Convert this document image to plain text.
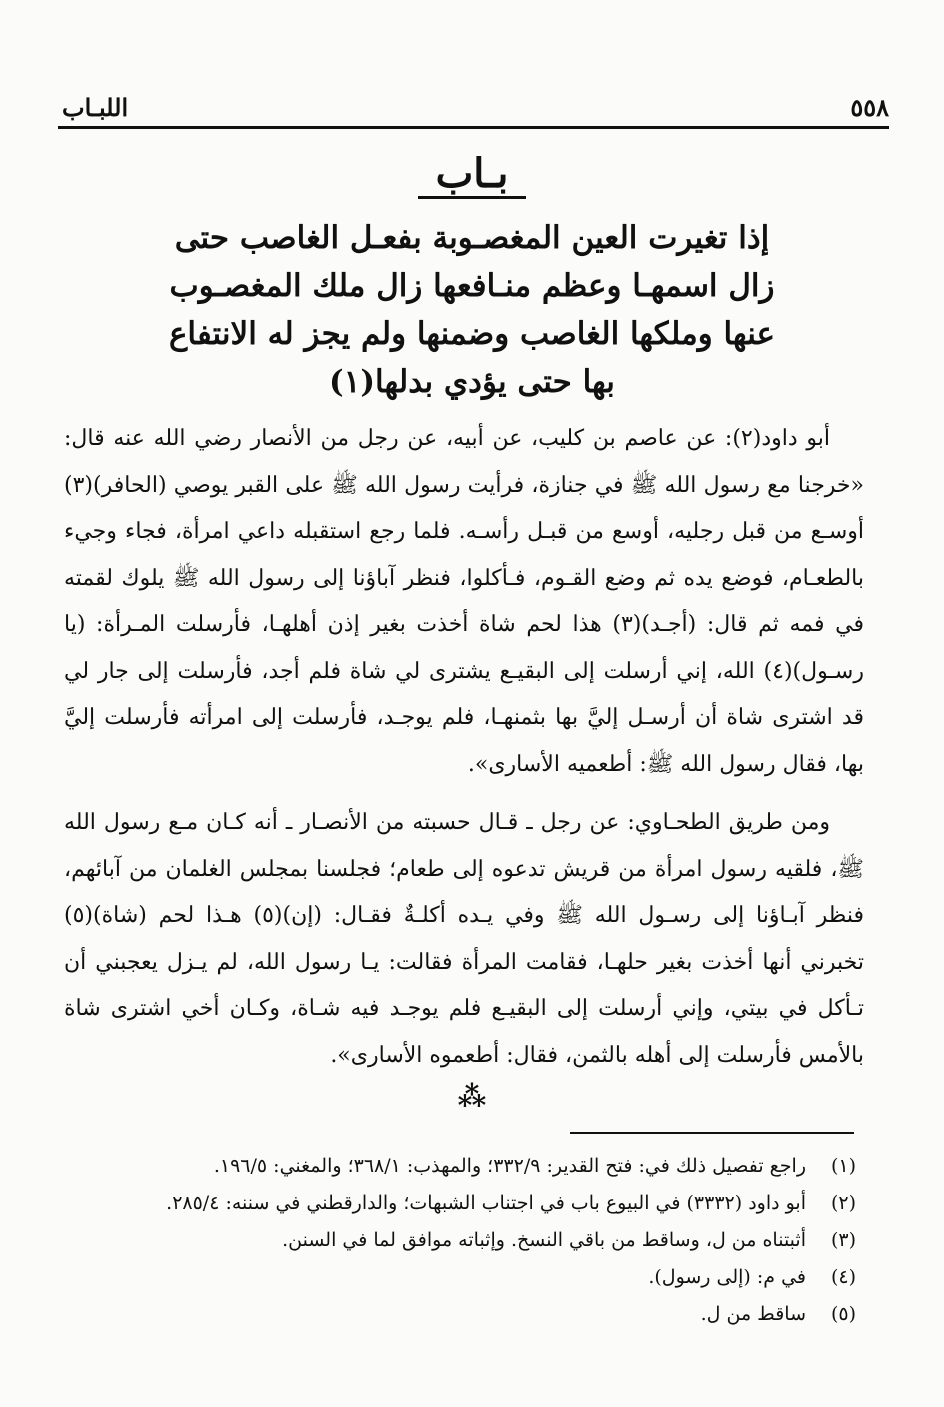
اللبـاب	٥٥٨
بـاب
إذا تغيرت العين المغصـوبة بفعـل الغاصب حتى
زال اسمهـا وعظم منـافعها زال ملك المغصـوب
عنها وملكها الغاصب وضمنها ولم يجز له الانتفاع
بها حتى يؤدي بدلها(١)

أبو داود(٢): عن عاصم بن كليب، عن أبيه، عن رجل من الأنصار رضي الله عنه قال: «خرجنا مع رسول الله ﷺ في جنازة، فرأيت رسول الله ﷺ على القبر يوصي (الحافر)(٣) أوسـع من قبل رجليه، أوسع من قبـل رأسـه. فلما رجع استقبله داعي امرأة، فجاء وجيء بالطعـام، فوضع يده ثم وضع القـوم، فـأكلوا، فنظر آباؤنا إلى رسول الله ﷺ يلوك لقمته في فمه ثم قال: (أجـد)(٣) هذا لحم شاة أخذت بغير إذن أهلهـا، فأرسلت المـرأة: (يا رسـول)(٤) الله، إني أرسلت إلى البقيـع يشترى لي شاة فلم أجد، فأرسلت إلى جار لي قد اشترى شاة أن أرسـل إليَّ بها بثمنهـا، فلم يوجـد، فأرسلت إلى امرأته فأرسلت إليَّ بها، فقال رسول الله ﷺ: أطعميه الأسارى».

ومن طريق الطحـاوي: عن رجل ـ قـال حسبته من الأنصـار ـ أنه كـان مـع رسول الله ﷺ، فلقيه رسول امرأة من قريش تدعوه إلى طعام؛ فجلسنا بمجلس الغلمان من آبائهم، فنظر آبـاؤنا إلى رسـول الله ﷺ وفي يـده أكلـةٌ فقـال: (إن)(٥) هـذا لحم (شاة)(٥) تخبرني أنها أخذت بغير حلهـا، فقامت المرأة فقالت: يـا رسول الله، لم يـزل يعجبني أن تـأكل في بيتي، وإني أرسلت إلى البقيـع فلم يوجـد فيه شـاة، وكـان أخي اشترى شاة بالأمس فأرسلت إلى أهله بالثمن، فقال: أطعموه الأسارى».

⁂
(١)
راجع تفصيل ذلك في: فتح القدير: ٣٣٢/٩؛ والمهذب: ٣٦٨/١؛ والمغني: ١٩٦/٥.
(٢)
أبو داود (٣٣٣٢) في البيوع باب في اجتناب الشبهات؛ والدارقطني في سننه: ٢٨٥/٤.
(٣)
أثبتناه من ل، وساقط من باقي النسخ. وإثباته موافق لما في السنن.
(٤)
في م: (إلى رسول).
(٥)
ساقط من ل.
